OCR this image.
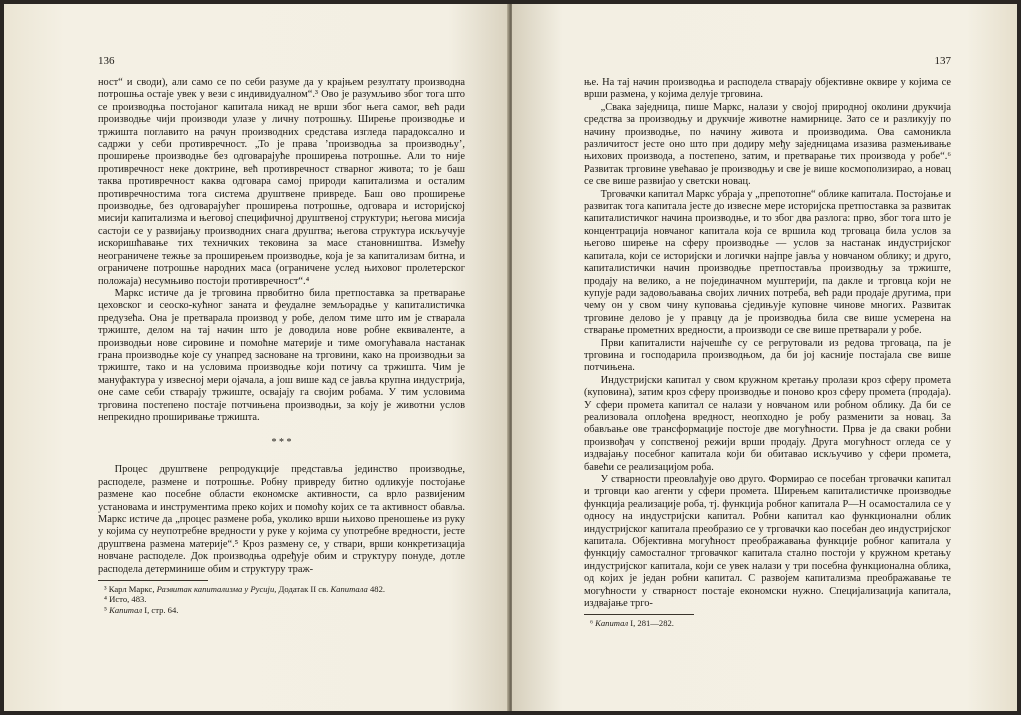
136

ност“ и своди), али само се по себи разуме да у крајњем резултату производна потрошња остаје увек у вези с индивидуалном“.³ Ово је разумљиво због тога што се производња постојаног капитала никад не врши због њега самог, већ ради производње чији производи улазе у личну потрошњу. Ширење производње и тржишта поглавито на рачун производних средстава изгледа парадоксално и садржи у себи противречност. „То је права ’производња за производњу’, проширење производње без одговарајуће проширења потрошње. Али то није противречност неке доктрине, већ противречност стварног живота; то је баш таква противречност каква одговара самој природи капитализма и осталим противречностима тога система друштвене привреде. Баш ово проширење производње, без одговарајућег проширења потрошње, одговара и историјској мисији капитализма и његовој специфичној друштвеној структури; његова мисија састоји се у развијању производних снага друштва; његова структура искључује искоришћавање тих техничких тековина за масе становништва. Између неограничене тежње за проширењем производње, која је за капитализам битна, и ограничене потрошње народних маса (ограничене услед њиховог пролетерског положаја) несумњиво постоји противречност“.⁴

Маркс истиче да је трговина првобитно била претпоставка за претварање цеховског и сеоско-кућног заната и феудалне земљорадње у капиталистичка предузећа. Она је претварала производ у робе, делом тиме што им је стварала тржиште, делом на тај начин што је доводила нове робне еквиваленте, а производњи нове сировине и помоћне материје и тиме омогућавала настанак грана производње које су унапред засноване на трговини, како на производњи за тржиште, тако и на условима производње који потичу са тржишта. Чим је мануфактура у извесној мери ојачала, а још више кад се јавља крупна индустрија, оне саме себи стварају тржиште, освајају га својим робама. У тим условима трговина постепено постаје потчињена производњи, за коју је животни услов непрекидно проширивање тржишта.

* * *

Процес друштвене репродукције представља јединство производње, расподеле, размене и потрошње. Робну привреду битно одликује постојање размене као посебне области економске активности, са врло развијеним установама и инструментима преко којих и помоћу којих се та активност обавља. Маркс истиче да „процес размене роба, уколико врши њихово преношење из руку у којима су неупотребне вредности у руке у којима су употребне вредности, јесте друштвена размена материје“.⁵ Кроз размену се, у ствари, врши конкретизација новчане расподеле. Док производња одређује обим и структуру понуде, дотле расподела детерминише обим и структуру траж-

³ Карл Маркс, Развитак капитализма у Русији, Додатак II св. Капитала 482.

⁴ Исто, 483.

⁵ Капитал I, стр. 64.

137

ње. На тај начин производња и расподела стварају објективне оквире у којима се врши размена, у којима делује трговина.

„Свака заједница, пише Маркс, налази у својој природној околини друкчија средства за производњу и друкчије животне намирнице. Зато се и разликују по начину производње, по начину живота и производима. Ова самоникла различитост јесте оно што при додиру међу заједницама изазива размењивање њихових производа, а постепено, затим, и претварање тих производа у робе“.⁶ Развитак трговине увећавао је производњу и све је више космополизирао, а новац се све више развијао у светски новац.

Трговачки капитал Маркс убраја у „препотопне“ облике капитала. Постојање и развитак тога капитала јесте до извесне мере историјска претпоставка за развитак капиталистичког начина производње, и то због два разлога: прво, због тога што је концентрација новчаног капитала која се вршила код трговаца била услов за његово ширење на сферу производње — услов за настанак индустријског капитала, који се историјски и логички најпре јавља у новчаном облику; и друго, капиталистички начин производње претпоставља производњу за тржиште, продају на велико, а не појединачном муштерији, па дакле и трговца који не купује ради задовољавања својих личних потреба, већ ради продаје другима, при чему он у свом чину куповања сједињује куповне чинове многих. Развитак трговине делово је у правцу да је производња била све више усмерена на стварање прометних вредности, а производи се све више претварали у робе.

Први капиталисти најчешће су се регрутовали из редова трговаца, па је трговина и господарила производњом, да би јој касније постајала све више потчињена.

Индустријски капитал у свом кружном кретању пролази кроз сферу промета (куповина), затим кроз сферу производње и поново кроз сферу промета (продаја). У сфери промета капитал се налази у новчаном или робном облику. Да би се реализовала оплођена вредност, неопходно је робу разменити за новац. За обављање ове трансформације постоје две могућности. Прва је да сваки робни произвођач у сопственој режији врши продају. Друга могућност огледа се у издвајању посебног капитала који би обитавао искључиво у сфери промета, бавећи се реализацијом роба.

У стварности преовлађује ово друго. Формирао се посебан трговачки капитал и трговци као агенти у сфери промета. Ширењем капиталистичке производње функција реализације роба, тј. функција робног капитала Р—Н осамосталила се у односу на индустријски капитал. Робни капитал као функционални облик индустријског капитала преобразио се у трговачки као посебан део индустријског капитала. Објективна могућност преображавања функције робног капитала у функцију самосталног трговачког капитала стално постоји у кружном кретању индустријског капитала, који се увек налази у три посебна функционална облика, од којих је један робни капитал. С развојем капитализма преображавање те могућности у стварност постаје економски нужно. Специјализација капитала, издвајање трго-

⁶ Капитал I, 281—282.
